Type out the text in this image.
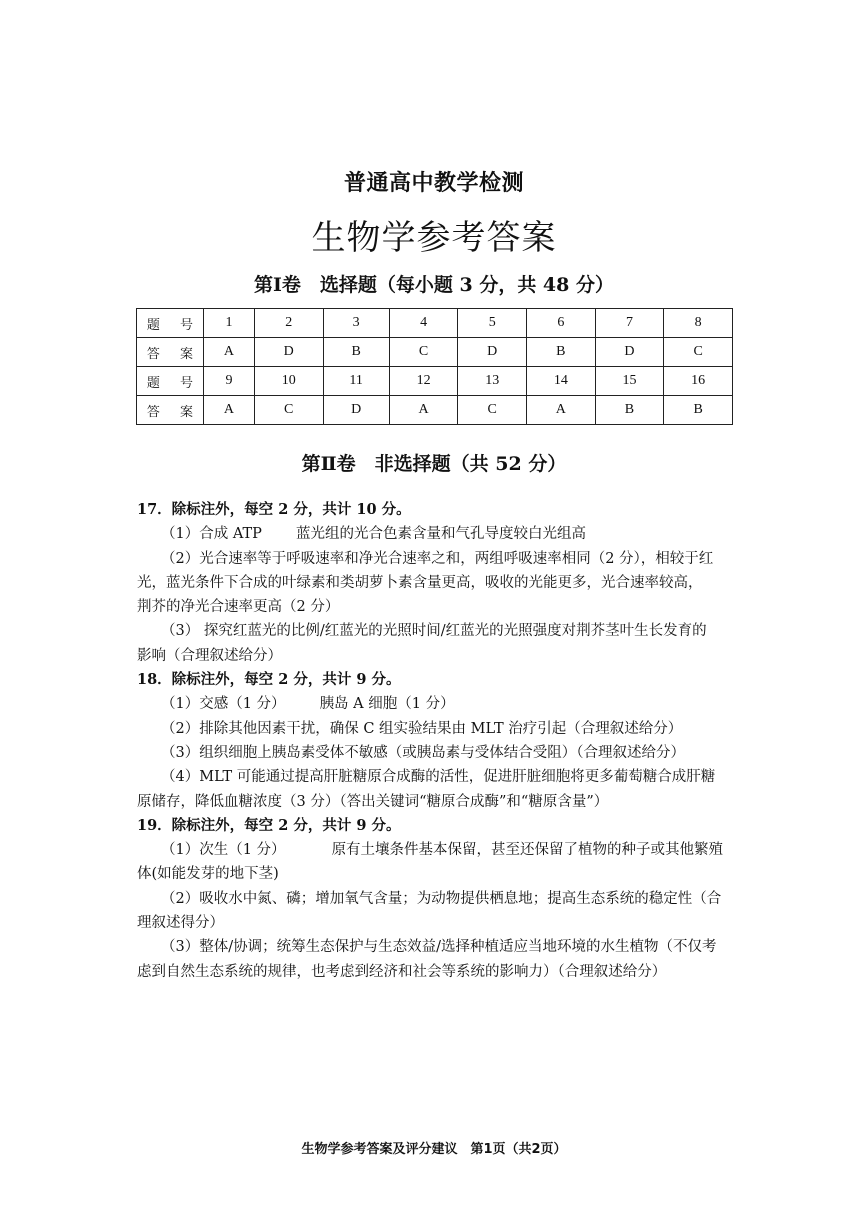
普通高中教学检测
生物学参考答案
第Ⅰ卷　选择题（每小题 3 分，共 48 分）
题 号	1	2	3	4	5	6	7	8
答 案	A	D	B	C	D	B	D	C
题 号	9	10	11	12	13	14	15	16
答 案	A	C	D	A	C	A	B	B
第Ⅱ卷　非选择题（共 52 分）
17．除标注外，每空 2 分，共计 10 分。
（1）合成 ATP 蓝光组的光合色素含量和气孔导度较白光组高
（2）光合速率等于呼吸速率和净光合速率之和，两组呼吸速率相同（2 分），相较于红
光，蓝光条件下合成的叶绿素和类胡萝卜素含量更高，吸收的光能更多，光合速率较高，
荆芥的净光合速率更高（2 分）
（3） 探究红蓝光的比例/红蓝光的光照时间/红蓝光的光照强度对荆芥茎叶生长发育的
影响（合理叙述给分）
18．除标注外，每空 2 分，共计 9 分。
（1）交感（1 分） 胰岛 A 细胞（1 分）
（2）排除其他因素干扰，确保 C 组实验结果由 MLT 治疗引起（合理叙述给分）
（3）组织细胞上胰岛素受体不敏感（或胰岛素与受体结合受阻）（合理叙述给分）
（4）MLT 可能通过提高肝脏糖原合成酶的活性，促进肝脏细胞将更多葡萄糖合成肝糖
原储存，降低血糖浓度（3 分）（答出关键词“糖原合成酶”和“糖原含量”）
19．除标注外，每空 2 分，共计 9 分。
（1）次生（1 分）	原有土壤条件基本保留，甚至还保留了植物的种子或其他繁殖
体(如能发芽的地下茎)
（2）吸收水中氮、磷；增加氧气含量；为动物提供栖息地；提高生态系统的稳定性（合
理叙述得分）
（3）整体/协调；统筹生态保护与生态效益/选择种植适应当地环境的水生植物（不仅考
虑到自然生态系统的规律，也考虑到经济和社会等系统的影响力）（合理叙述给分）
生物学参考答案及评分建议　第1页（共2页）
